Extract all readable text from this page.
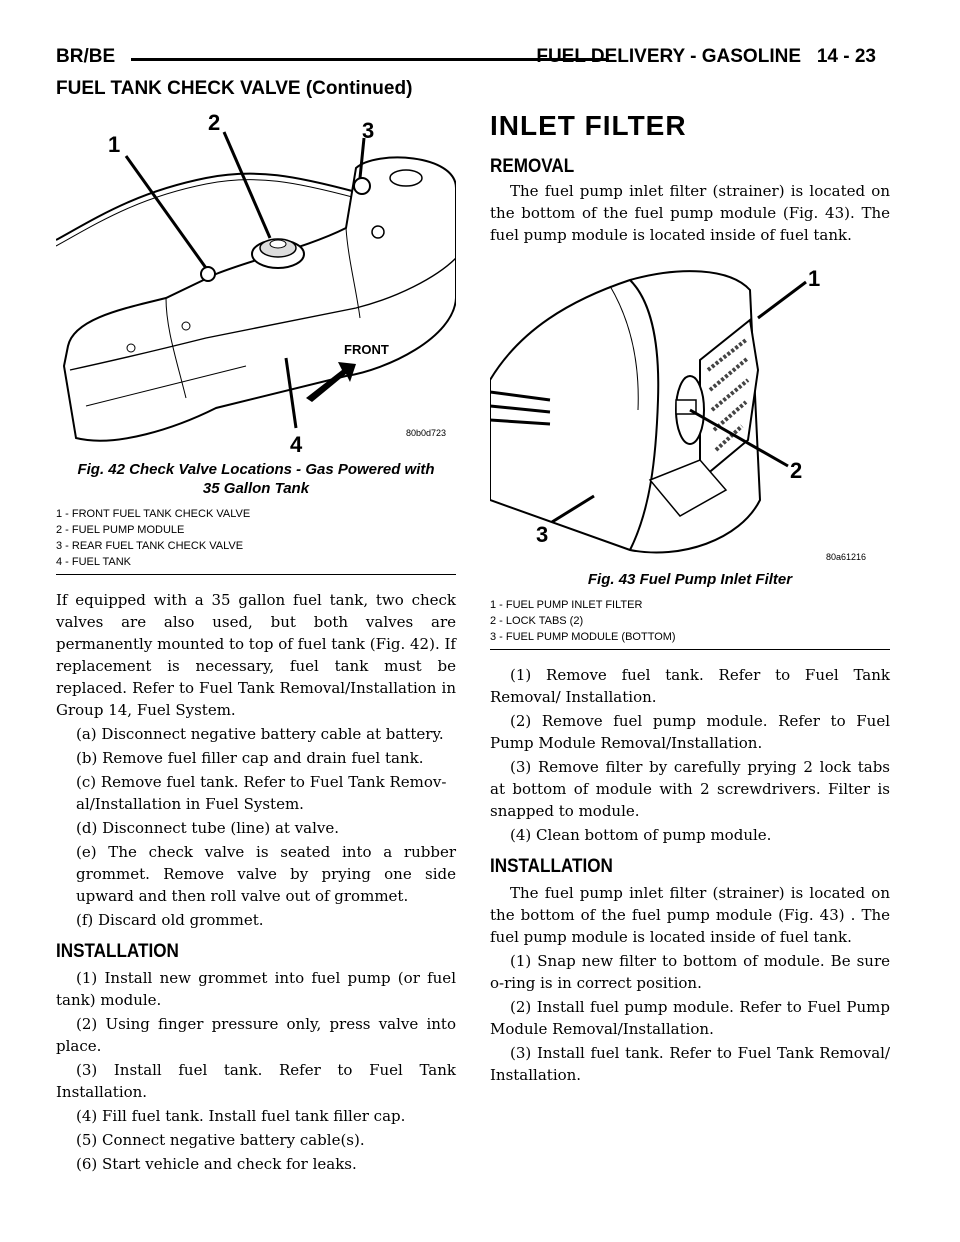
BR/BE	FUEL DELIVERY - GASOLINE 14 - 23
FUEL TANK CHECK VALVE (Continued)
1
2	3
4
FRONT
80b0d723

Fig. 42 Check Valve Locations - Gas Powered with
35 Gallon Tank

1 - FRONT FUEL TANK CHECK VALVE

2 - FUEL PUMP MODULE

3 - REAR FUEL TANK CHECK VALVE

4 - FUEL TANK

If equipped with a 35 gallon fuel tank, two check valves are also used, but both valves are permanently mounted to top of fuel tank (Fig. 42). If replacement is necessary, fuel tank must be replaced. Refer to Fuel Tank Removal/Installation in Group 14, Fuel System.

(a) Disconnect negative battery cable at battery.

(b) Remove fuel filler cap and drain fuel tank.

(c) Remove fuel tank. Refer to Fuel Tank Remov-

al/Installation in Fuel System.

(d) Disconnect tube (line) at valve.

(e) The check valve is seated into a rubber grommet. Remove valve by prying one side upward and then roll valve out of grommet.

(f) Discard old grommet.

INSTALLATION

(1) Install new grommet into fuel pump (or fuel tank) module.

(2) Using finger pressure only, press valve into place.

(3) Install fuel tank. Refer to Fuel Tank Installation.

(4) Fill fuel tank. Install fuel tank filler cap.

(5) Connect negative battery cable(s).

(6) Start vehicle and check for leaks.

INLET FILTER
REMOVAL

The fuel pump inlet filter (strainer) is located on the bottom of the fuel pump module (Fig. 43). The fuel pump module is located inside of fuel tank.

1
2
3
80a61216

Fig. 43 Fuel Pump Inlet Filter

1 - FUEL PUMP INLET FILTER

2 - LOCK TABS (2)

3 - FUEL PUMP MODULE (BOTTOM)

(1) Remove fuel tank. Refer to Fuel Tank Removal/ Installation.

(2) Remove fuel pump module. Refer to Fuel Pump Module Removal/Installation.

(3) Remove filter by carefully prying 2 lock tabs at bottom of module with 2 screwdrivers. Filter is snapped to module.

(4) Clean bottom of pump module.

INSTALLATION

The fuel pump inlet filter (strainer) is located on the bottom of the fuel pump module (Fig. 43) . The fuel pump module is located inside of fuel tank.

(1) Snap new filter to bottom of module. Be sure o-ring is in correct position.

(2) Install fuel pump module. Refer to Fuel Pump Module Removal/Installation.

(3) Install fuel tank. Refer to Fuel Tank Removal/ Installation.
